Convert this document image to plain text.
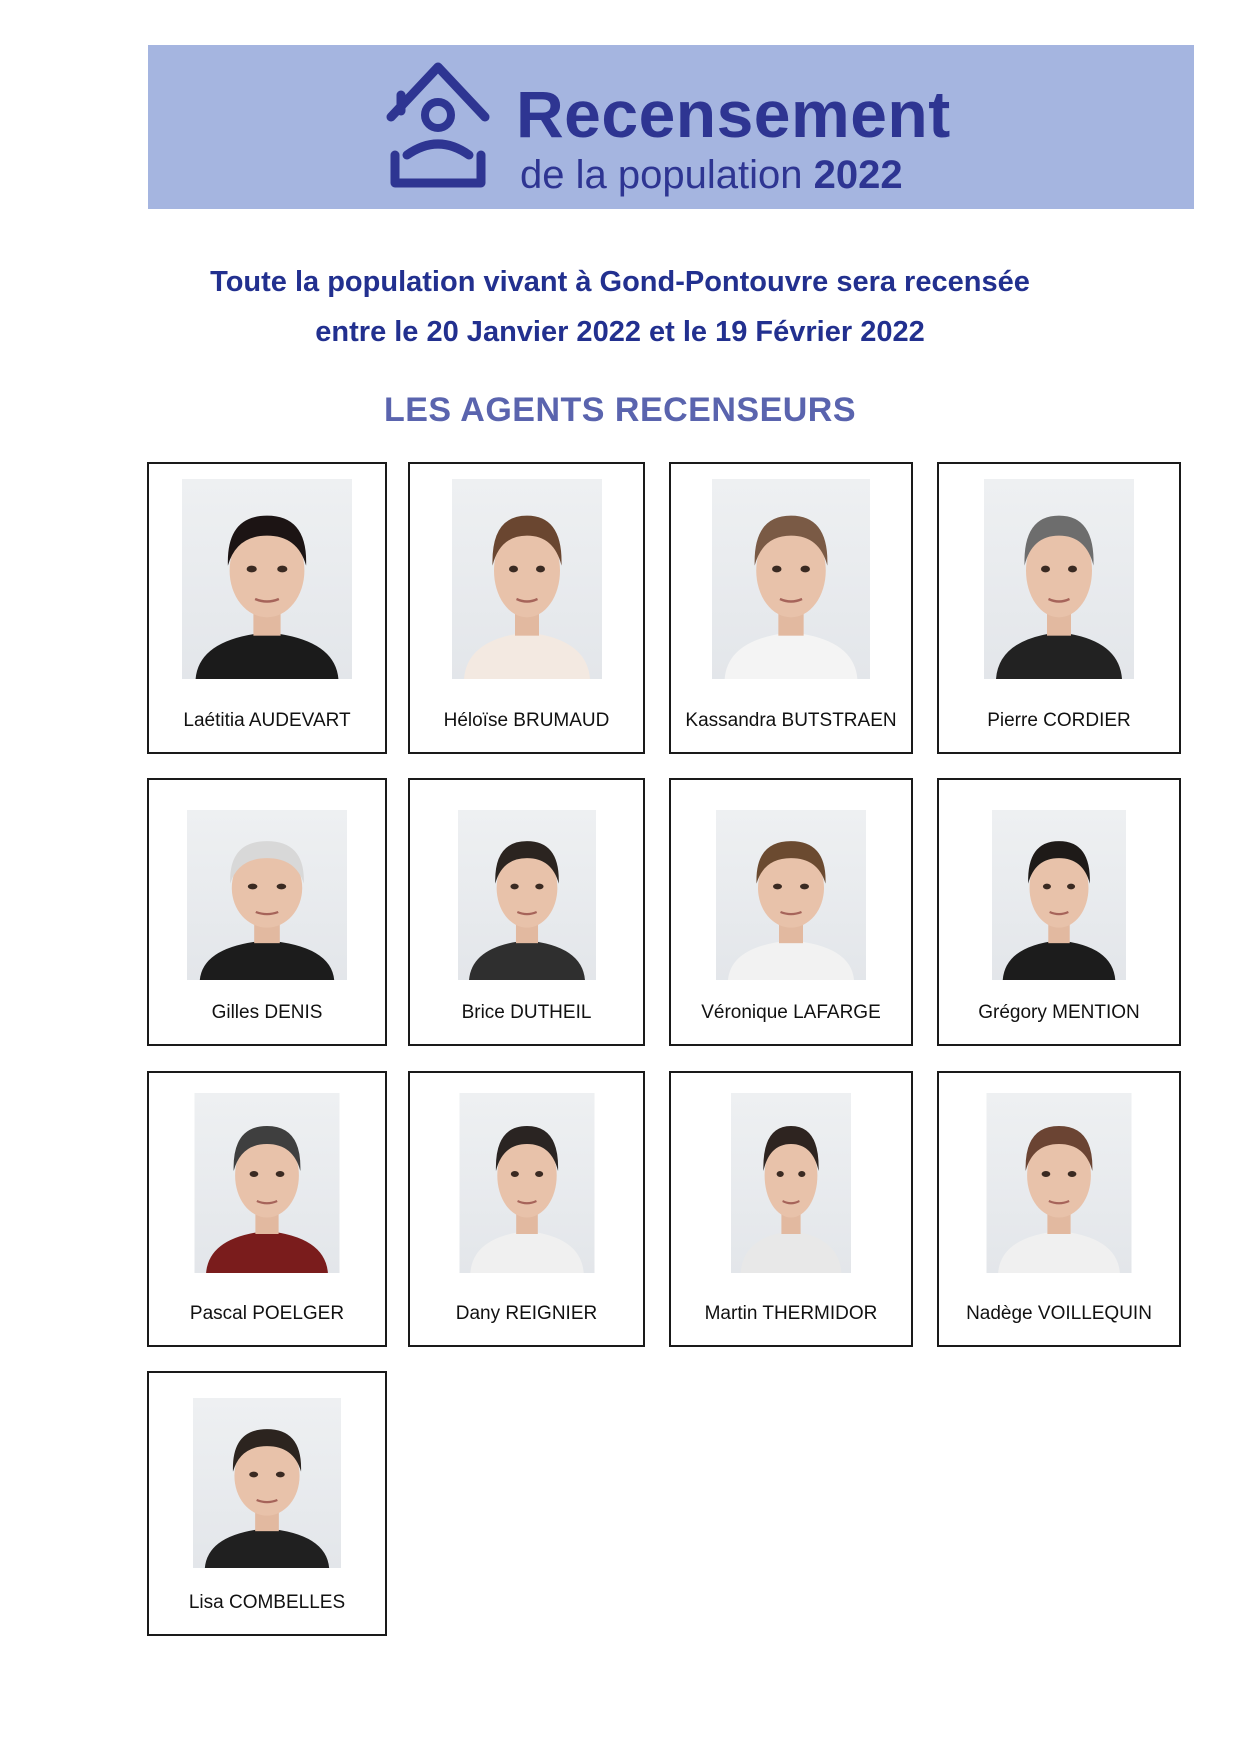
Recensement
de la population 2022
Toute la population vivant à Gond-Pontouvre sera recensée
entre le 20 Janvier 2022 et le 19 Février 2022
LES AGENTS RECENSEURS
Laétitia AUDEVART	Héloïse BRUMAUD	Kassandra BUTSTRAEN	Pierre CORDIER
Gilles DENIS	Brice DUTHEIL	Véronique LAFARGE	Grégory MENTION
Pascal POELGER	Dany REIGNIER	Martin THERMIDOR	Nadège VOILLEQUIN
Lisa COMBELLES
